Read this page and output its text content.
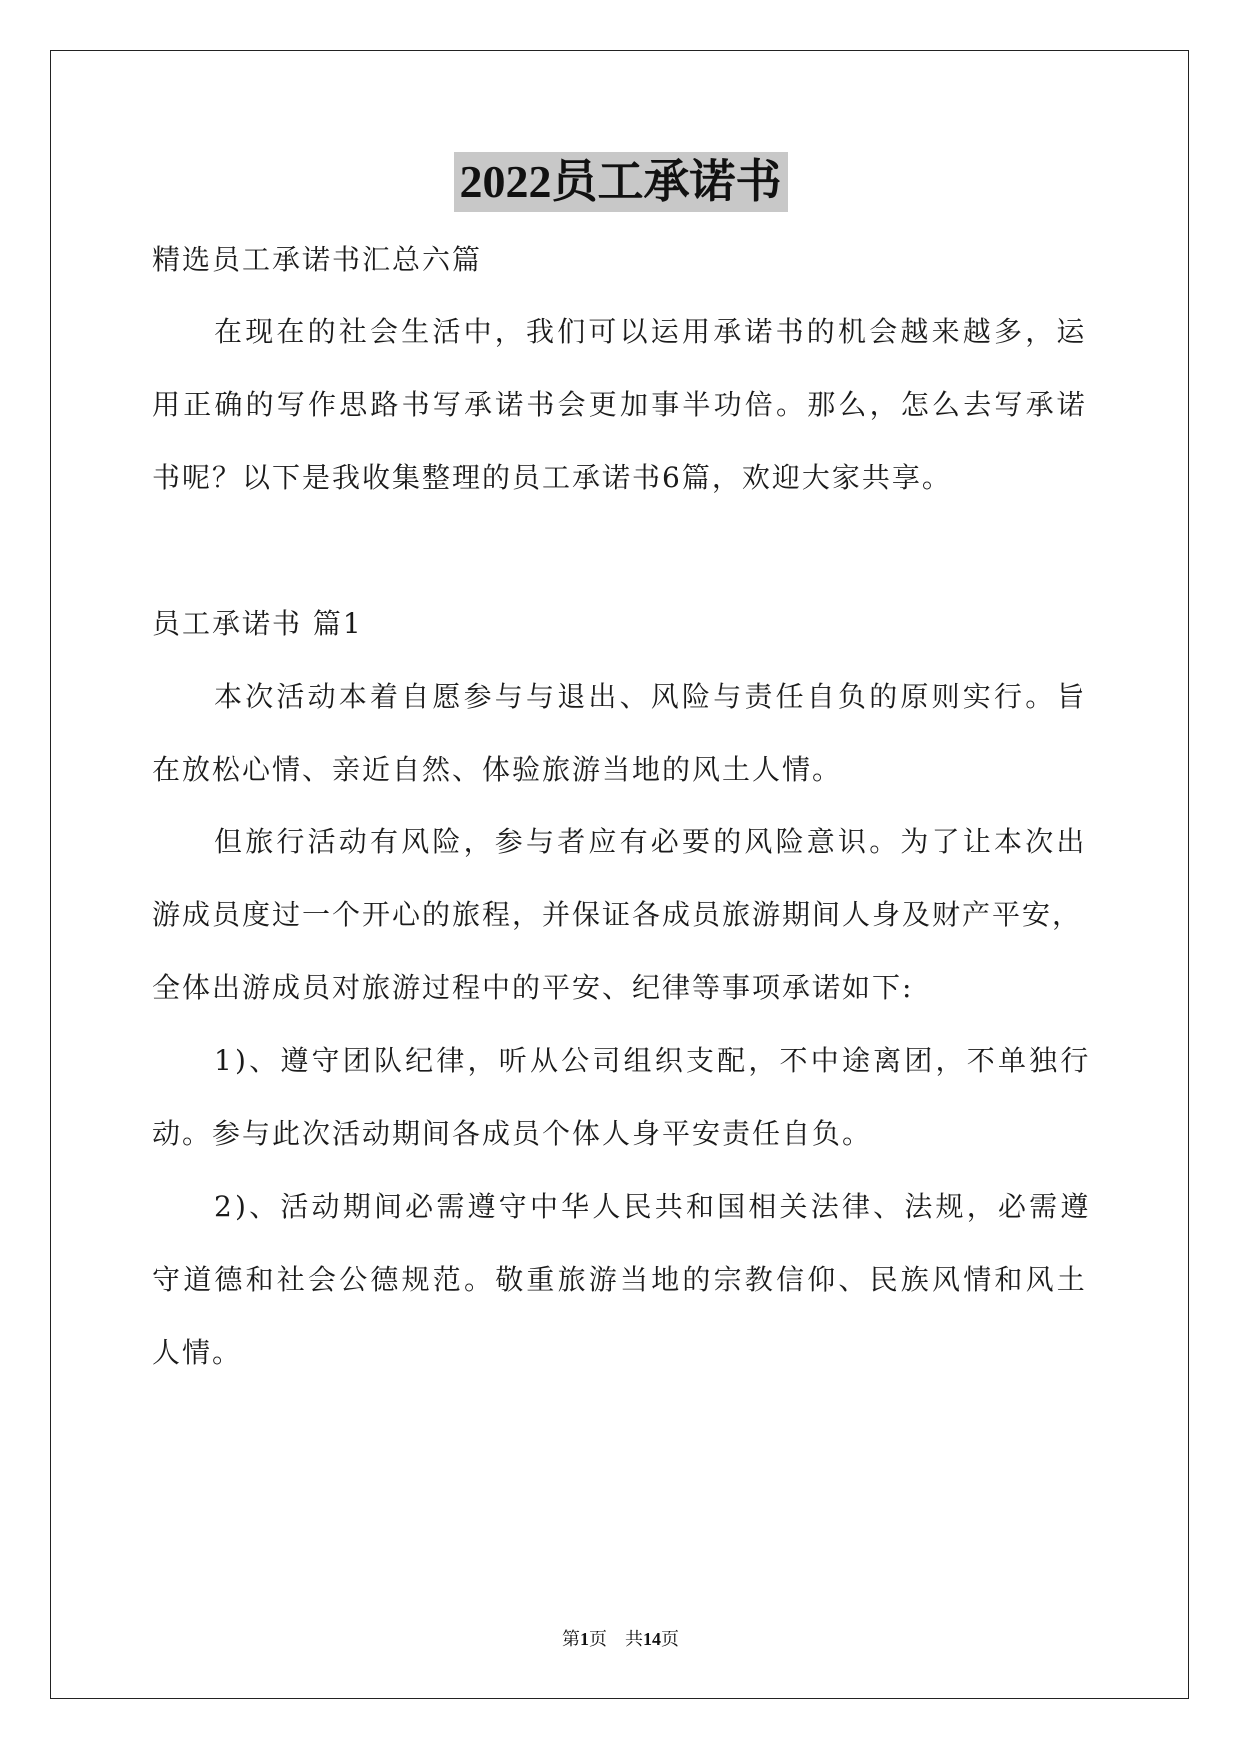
2022员工承诺书
精选员工承诺书汇总六篇
在现在的社会生活中，我们可以运用承诺书的机会越来越多，运
用正确的写作思路书写承诺书会更加事半功倍。那么，怎么去写承诺
书呢？以下是我收集整理的员工承诺书6篇，欢迎大家共享。
员工承诺书 篇1
本次活动本着自愿参与与退出、风险与责任自负的原则实行。旨
在放松心情、亲近自然、体验旅游当地的风土人情。
但旅行活动有风险，参与者应有必要的风险意识。为了让本次出
游成员度过一个开心的旅程，并保证各成员旅游期间人身及财产平安，
全体出游成员对旅游过程中的平安、纪律等事项承诺如下:
1)、遵守团队纪律，听从公司组织支配，不中途离团，不单独行
动。参与此次活动期间各成员个体人身平安责任自负。
2)、活动期间必需遵守中华人民共和国相关法律、法规，必需遵
守道德和社会公德规范。敬重旅游当地的宗教信仰、民族风情和风土
人情。
第1页　共14页
